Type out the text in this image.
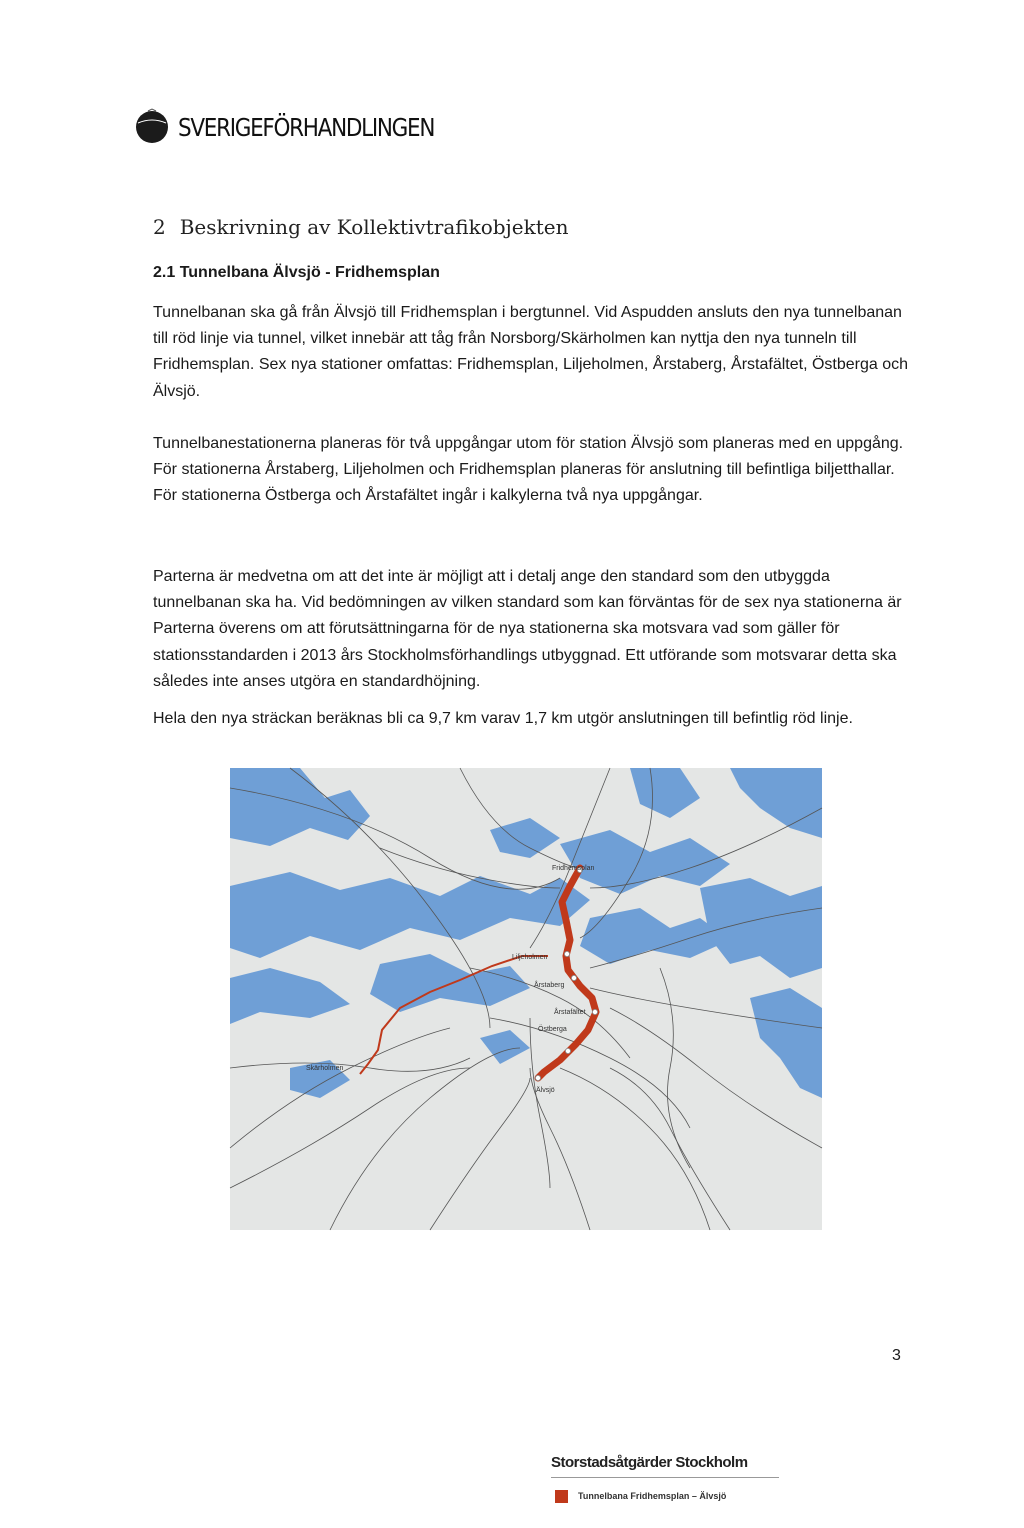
SVERIGEFÖRHANDLINGEN
2 Beskrivning av Kollektivtrafikobjekten
2.1 Tunnelbana Älvsjö - Fridhemsplan

Tunnelbanan ska gå från Älvsjö till Fridhemsplan i bergtunnel. Vid Aspudden ansluts den nya tunnelbanan till röd linje via tunnel, vilket innebär att tåg från Norsborg/Skärholmen kan nyttja den nya tunneln till Fridhemsplan. Sex nya stationer omfattas: Fridhemsplan, Liljeholmen, Årstaberg, Årstafältet, Östberga och Älvsjö.

Tunnelbanestationerna planeras för två uppgångar utom för station Älvsjö som planeras med en uppgång. För stationerna Årstaberg, Liljeholmen och Fridhemsplan planeras för anslutning till befintliga biljetthallar. För stationerna Östberga och Årstafältet ingår i kalkylerna två nya uppgångar.

Parterna är medvetna om att det inte är möjligt att i detalj ange den standard som den utbyggda tunnelbanan ska ha. Vid bedömningen av vilken standard som kan förväntas för de sex nya stationerna är Parterna överens om att förutsättningarna för de nya stationerna ska motsvara vad som gäller för stationsstandarden i 2013 års Stockholmsförhandlings utbyggnad. Ett utförande som motsvarar detta ska således inte anses utgöra en standardhöjning.

Hela den nya sträckan beräknas bli ca 9,7 km varav 1,7 km utgör anslutningen till befintlig röd linje.

Fridhemsplan
Liljeholmen
Årstaberg
Årstafältet
Östberga
Älvsjö
Skärholmen
Storstadsåtgärder Stockholm
Tunnelbana Fridhemsplan – Älvsjö
3
